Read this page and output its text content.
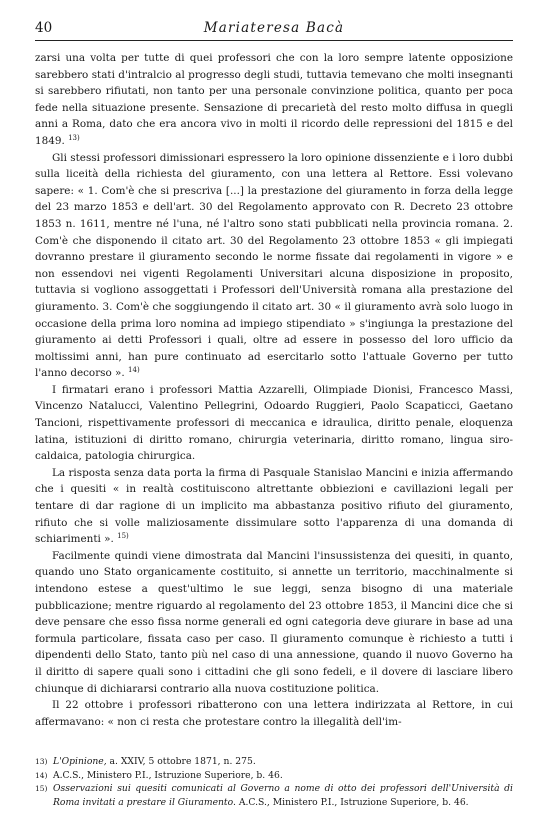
40	Mariateresa Bacà

zarsi una volta per tutte di quei professori che con la loro sempre latente opposizione sarebbero stati d'intralcio al progresso degli studi, tuttavia temevano che molti insegnanti si sarebbero rifiutati, non tanto per una personale convinzione politica, quanto per poca fede nella situazione presente. Sensazione di precarietà del resto molto diffusa in quegli anni a Roma, dato che era ancora vivo in molti il ricordo delle repressioni del 1815 e del 1849. $^{13)}$

Gli stessi professori dimissionari espressero la loro opinione dissenziente e i loro dubbi sulla liceità della richiesta del giuramento, con una lettera al Rettore. Essi volevano sapere: « 1. Com'è che si prescriva [...] la prestazione del giuramento in forza della legge del 23 marzo 1853 e dell'art. 30 del Regolamento approvato con R. Decreto 23 ottobre 1853 n. 1611, mentre né l'una, né l'altro sono stati pubblicati nella provincia romana. 2. Com'è che disponendo il citato art. 30 del Regolamento 23 ottobre 1853 « gli impiegati dovranno prestare il giuramento secondo le norme fissate dai regolamenti in vigore » e non essendovi nei vigenti Regolamenti Universitari alcuna disposizione in proposito, tuttavia si vogliono assoggettati i Professori dell'Università romana alla prestazione del giuramento. 3. Com'è che soggiungendo il citato art. 30 « il giuramento avrà solo luogo in occasione della prima loro nomina ad impiego stipendiato » s'ingiunga la prestazione del giuramento ai detti Professori i quali, oltre ad essere in possesso del loro ufficio da moltissimi anni, han pure continuato ad esercitarlo sotto l'attuale Governo per tutto l'anno decorso ». $^{14)}$

I firmatari erano i professori Mattia Azzarelli, Olimpiade Dionisi, Francesco Massi, Vincenzo Natalucci, Valentino Pellegrini, Odoardo Ruggieri, Paolo Scapaticci, Gaetano Tancioni, rispettivamente professori di meccanica e idraulica, diritto penale, eloquenza latina, istituzioni di diritto romano, chirurgia veterinaria, diritto romano, lingua siro-caldaica, patologia chirurgica.

La risposta senza data porta la firma di Pasquale Stanislao Mancini e inizia affermando che i quesiti « in realtà costituiscono altrettante obbiezioni e cavillazioni legali per tentare di dar ragione di un implicito ma abbastanza positivo rifiuto del giuramento, rifiuto che si volle maliziosamente dissimulare sotto l'apparenza di una domanda di schiarimenti ». $^{15)}$

Facilmente quindi viene dimostrata dal Mancini l'insussistenza dei quesiti, in quanto, quando uno Stato organicamente costituito, si annette un territorio, macchinalmente si intendono estese a quest'ultimo le sue leggi, senza bisogno di una materiale pubblicazione; mentre riguardo al regolamento del 23 ottobre 1853, il Mancini dice che si deve pensare che esso fissa norme generali ed ogni categoria deve giurare in base ad una formula particolare, fissata caso per caso. Il giuramento comunque è richiesto a tutti i dipendenti dello Stato, tanto più nel caso di una annessione, quando il nuovo Governo ha il diritto di sapere quali sono i cittadini che gli sono fedeli, e il dovere di lasciare libero chiunque di dichiararsi contrario alla nuova costituzione politica.

Il 22 ottobre i professori ribatterono con una lettera indirizzata al Rettore, in cui affermavano: « non ci resta che protestare contro la illegalità dell'im-

13) L'Opinione, a. XXIV, 5 ottobre 1871, n. 275.

14) A.C.S., Ministero P.I., Istruzione Superiore, b. 46.

15) Osservazioni sui quesiti comunicati al Governo a nome di otto dei professori dell'Università di Roma invitati a prestare il Giuramento. A.C.S., Ministero P.I., Istruzione Superiore, b. 46.
